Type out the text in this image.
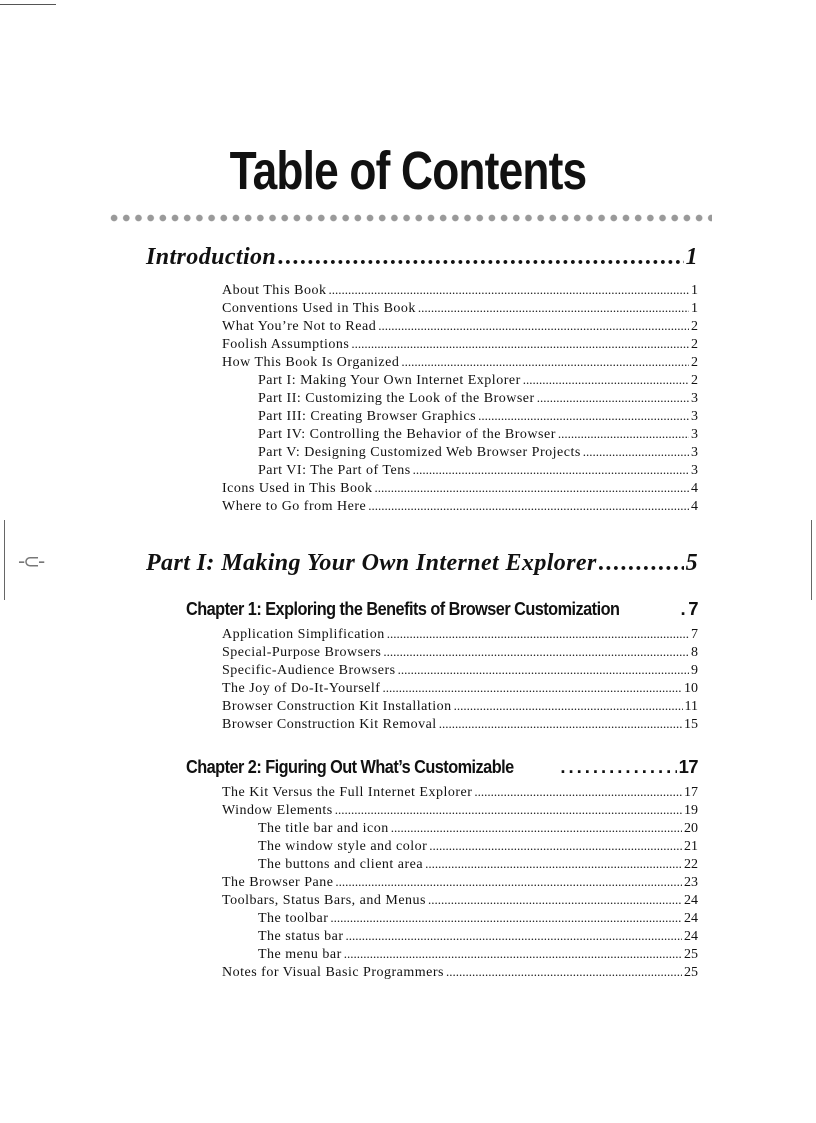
-⊂-
Table of Contents
Introduction .....	1
About This Book .....	1
Conventions Used in This Book .....	1
What You’re Not to Read .....	2
Foolish Assumptions .....	2
How This Book Is Organized .....	2
Part I: Making Your Own Internet Explorer .....	2
Part II: Customizing the Look of the Browser .....	3
Part III: Creating Browser Graphics .....	3
Part IV: Controlling the Behavior of the Browser .....	3
Part V: Designing Customized Web Browser Projects .....	3
Part VI: The Part of Tens .....	3
Icons Used in This Book .....	4
Where to Go from Here .....	4
Part I: Making Your Own Internet Explorer .....	5
Chapter 1: Exploring the Benefits of Browser Customization .....	7
Application Simplification .....	7
Special-Purpose Browsers .....	8
Specific-Audience Browsers .....	9
The Joy of Do-It-Yourself .....	10
Browser Construction Kit Installation .....	11
Browser Construction Kit Removal .....	15
Chapter 2: Figuring Out What’s Customizable .....	17
The Kit Versus the Full Internet Explorer .....	17
Window Elements .....	19
The title bar and icon .....	20
The window style and color .....	21
The buttons and client area .....	22
The Browser Pane .....	23
Toolbars, Status Bars, and Menus .....	24
The toolbar .....	24
The status bar .....	24
The menu bar .....	25
Notes for Visual Basic Programmers .....	25
